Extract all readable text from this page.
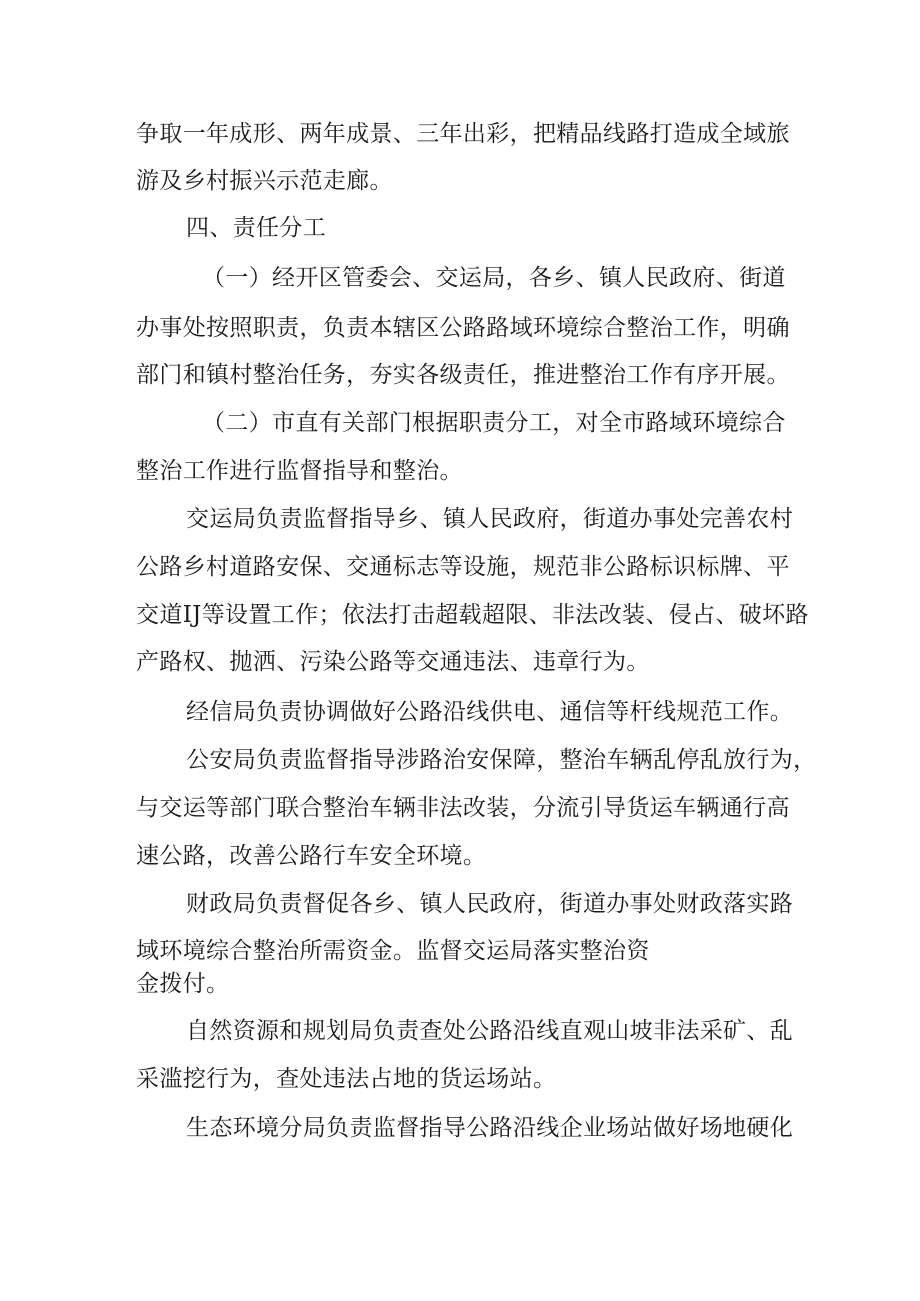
争取一年成形、两年成景、三年出彩，把精品线路打造成全域旅
游及乡村振兴示范走廊。
四、责任分工
（一）经开区管委会、交运局，各乡、镇人民政府、街道
办事处按照职责，负责本辖区公路路域环境综合整治工作，明确
部门和镇村整治任务，夯实各级责任，推进整治工作有序开展。
（二）市直有关部门根据职责分工，对全市路域环境综合
整治工作进行监督指导和整治。
交运局负责监督指导乡、镇人民政府，街道办事处完善农村
公路乡村道路安保、交通标志等设施，规范非公路标识标牌、平
交道IJ等设置工作；依法打击超载超限、非法改装、侵占、破坏路
产路权、抛洒、污染公路等交通违法、违章行为。
经信局负责协调做好公路沿线供电、通信等杆线规范工作。
公安局负责监督指导涉路治安保障，整治车辆乱停乱放行为，
与交运等部门联合整治车辆非法改装，分流引导货运车辆通行高
速公路，改善公路行车安全环境。
财政局负责督促各乡、镇人民政府，街道办事处财政落实路
域环境综合整治所需资金。监督交运局落实整治资
金拨付。
自然资源和规划局负责查处公路沿线直观山坡非法采矿、乱
采滥挖行为，查处违法占地的货运场站。
生态环境分局负责监督指导公路沿线企业场站做好场地硬化
